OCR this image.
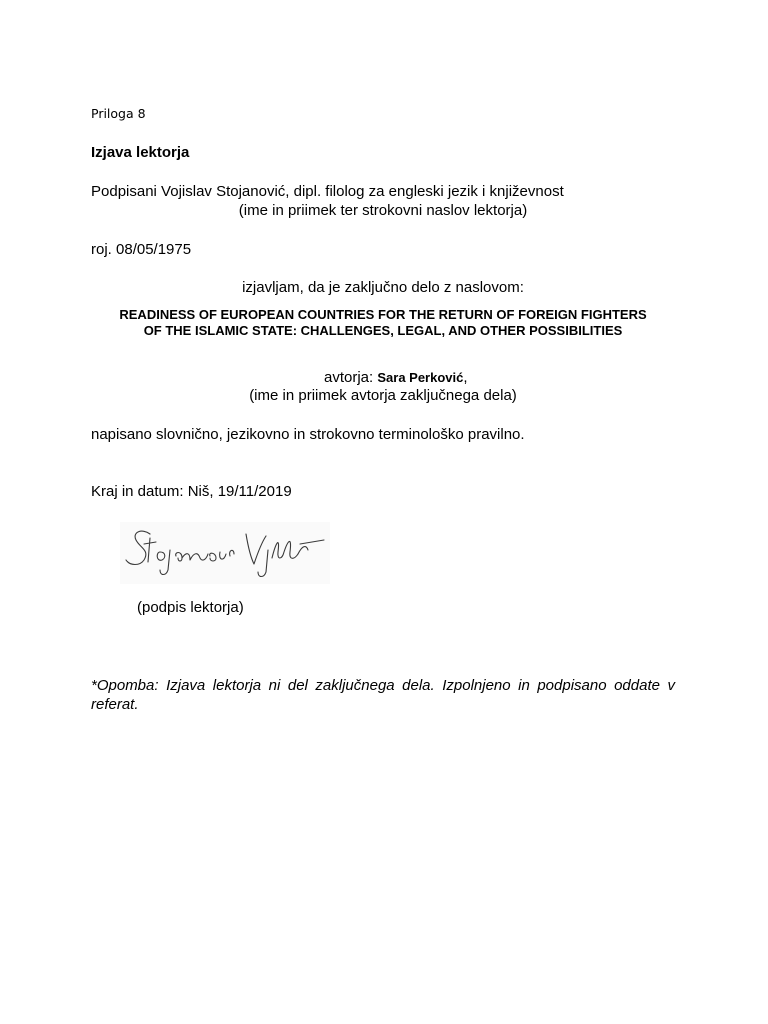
Priloga 8
Izjava lektorja
Podpisani Vojislav Stojanović, dipl. filolog za engleski jezik i književnost
(ime in priimek ter strokovni naslov lektorja)
roj. 08/05/1975
izjavljam, da je zaključno delo z naslovom:
READINESS OF EUROPEAN COUNTRIES FOR THE RETURN OF FOREIGN FIGHTERS
OF THE ISLAMIC STATE: CHALLENGES, LEGAL, AND OTHER POSSIBILITIES
avtorja: Sara Perković,
(ime in priimek avtorja zaključnega dela)
napisano slovnično, jezikovno in strokovno terminološko pravilno.
Kraj in datum: Niš, 19/11/2019
(podpis lektorja)
*Opomba: Izjava lektorja ni del zaključnega dela. Izpolnjeno in podpisano oddate v referat.
